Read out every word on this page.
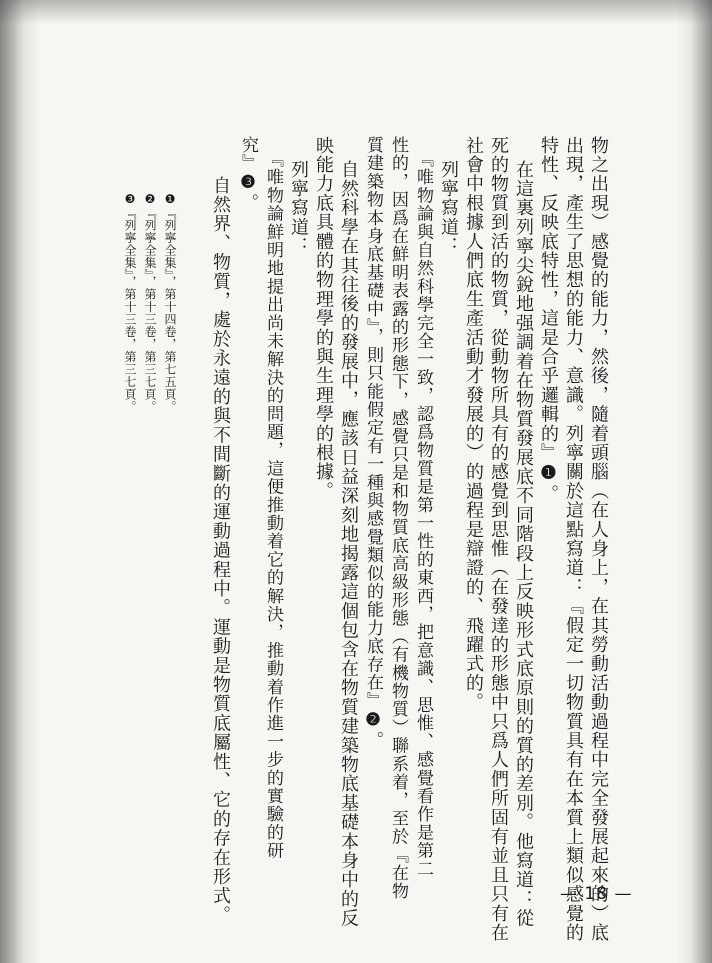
物之出現）感覺的能力，然後，隨着頭腦（在人身上，在其勞動活動過程中完全發展起來的）底
出現，產生了思想的能力、意識。列寧關於這點寫道：『假定一切物質具有在本質上類似感覺的
特性、反映底特性，這是合乎邏輯的』❶。
在這裏列寧尖銳地强調着在物質發展底不同階段上反映形式底原則的質的差別。他寫道：從
死的物質到活的物質，從動物所具有的感覺到思惟（在發達的形態中只爲人們所固有並且只有在
社會中根據人們底生產活動才發展的）的過程是辯證的、飛躍式的。
列寧寫道：
『唯物論與自然科學完全一致，認爲物質是第一性的東西，把意識、思惟、感覺看作是第二
性的，因爲在鮮明表露的形態下，感覺只是和物質底高級形態（有機物質）聯系着，至於『在物
質建築物本身底基礎中』，則只能假定有一種與感覺類似的能力底存在』❷。
自然科學在其往後的發展中，應該日益深刻地揭露這個包含在物質建築物底基礎本身中的反
映能力底具體的物理學的與生理學的根據。
列寧寫道：
『唯物論鮮明地提出尚未解決的問題，這便推動着它的解決，推動着作進一步的實驗的研
究』❸。
自然界、物質，處於永遠的與不間斷的運動過程中。運動是物質底屬性、它的存在形式。
❶『列寧全集』，第十四卷，第七五頁。
❷『列寧全集』，第十三卷，第三七頁。
❸『列寧全集』，第十三卷，第三七頁。
— 18 —
